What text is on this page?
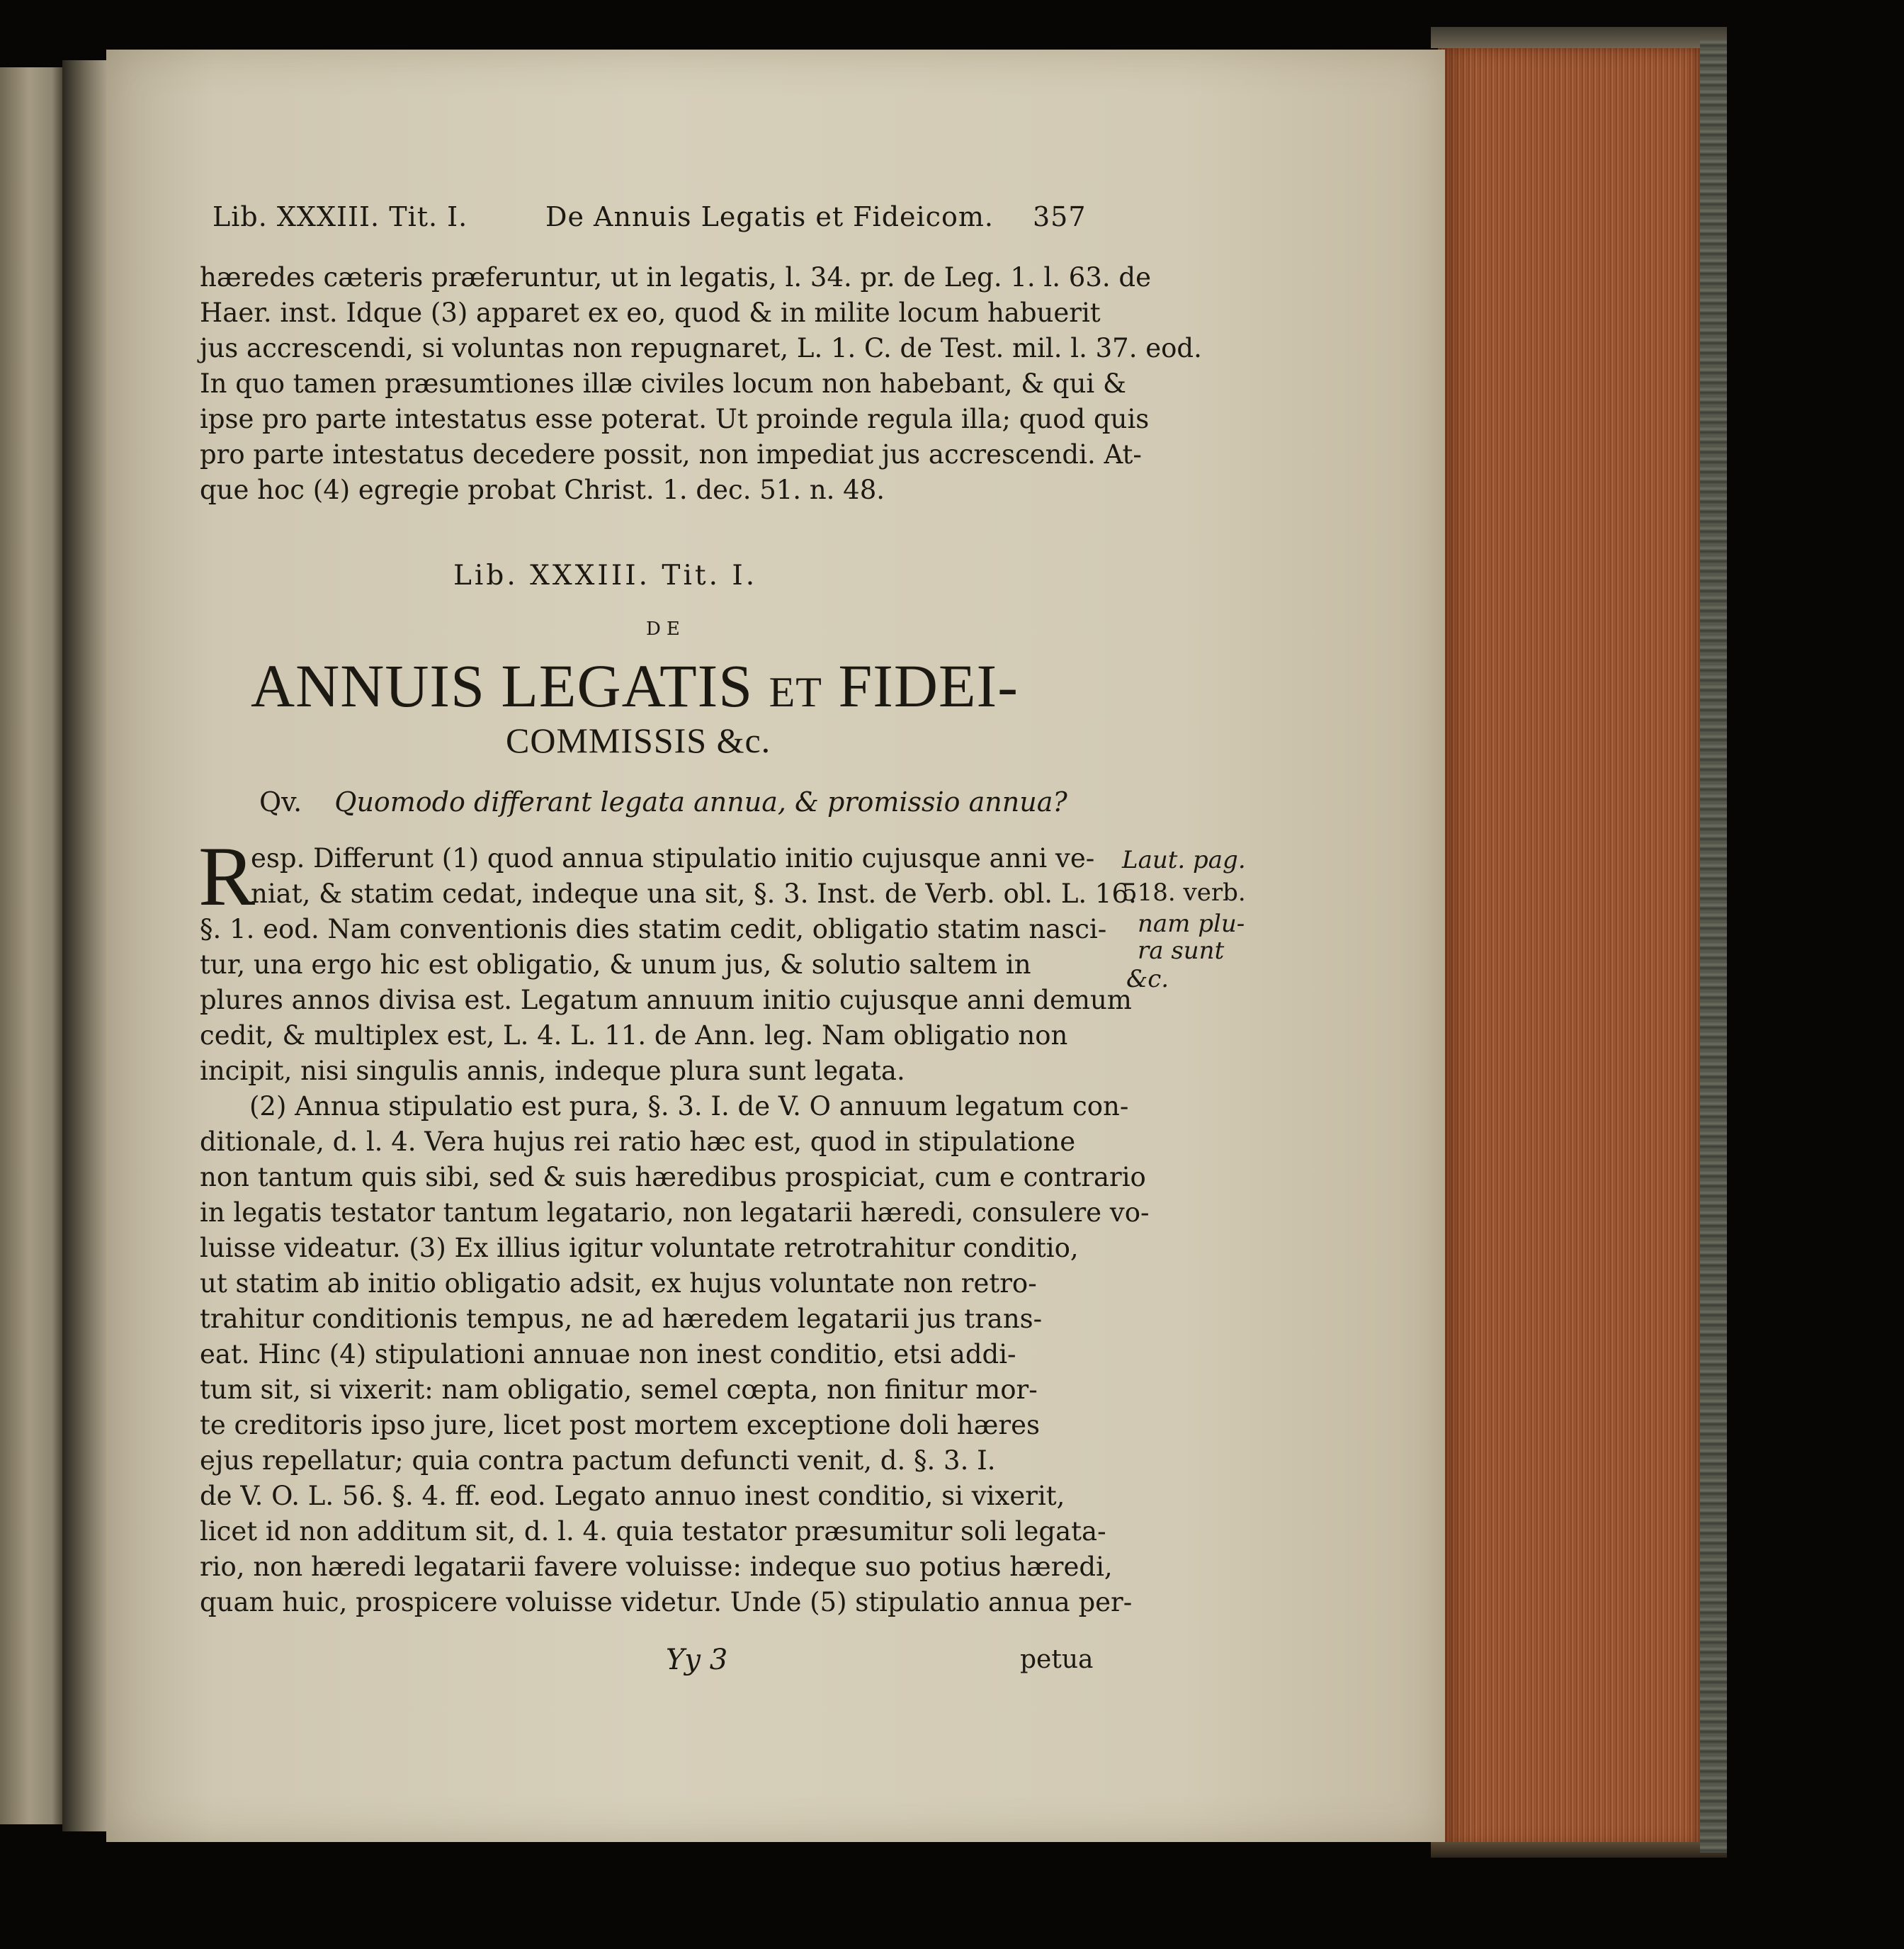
Lib. XXXIII. Tit. I.	De Annuis Legatis et Fideicom. 357
hæredes cæteris præferuntur, ut in legatis, l. 34. pr. de Leg. 1. l. 63. de
Haer. inst. Idque (3) apparet ex eo, quod & in milite locum habuerit
jus accrescendi, si voluntas non repugnaret, L. 1. C. de Test. mil. l. 37. eod.
In quo tamen præsumtiones illæ civiles locum non habebant, & qui &
ipse pro parte intestatus esse poterat. Ut proinde regula illa; quod quis
pro parte intestatus decedere possit, non impediat jus accrescendi. At-
que hoc (4) egregie probat Christ. 1. dec. 51. n. 48.
Lib. XXXIII. Tit. I.
DE
ANNUIS LEGATIS ET FIDEI-
COMMISSIS &c.
Qv. Quomodo differant legata annua, & promissio annua?
R
esp. Differunt (1) quod annua stipulatio initio cujusque anni ve-
niat, & statim cedat, indeque una sit, §. 3. Inst. de Verb. obl. L. 16.
§. 1. eod. Nam conventionis dies statim cedit, obligatio statim nasci-
tur, una ergo hic est obligatio, & unum jus, & solutio saltem in
plures annos divisa est. Legatum annuum initio cujusque anni demum
cedit, & multiplex est, L. 4. L. 11. de Ann. leg. Nam obligatio non
incipit, nisi singulis annis, indeque plura sunt legata.
(2) Annua stipulatio est pura, §. 3. I. de V. O annuum legatum con-
ditionale, d. l. 4. Vera hujus rei ratio hæc est, quod in stipulatione
non tantum quis sibi, sed & suis hæredibus prospiciat, cum e contrario
in legatis testator tantum legatario, non legatarii hæredi, consulere vo-
luisse videatur. (3) Ex illius igitur voluntate retrotrahitur conditio,
ut statim ab initio obligatio adsit, ex hujus voluntate non retro-
trahitur conditionis tempus, ne ad hæredem legatarii jus trans-
eat. Hinc (4) stipulationi annuae non inest conditio, etsi addi-
tum sit, si vixerit: nam obligatio, semel cœpta, non finitur mor-
te creditoris ipso jure, licet post mortem exceptione doli hæres
ejus repellatur; quia contra pactum defuncti venit, d. §. 3. I.
de V. O. L. 56. §. 4. ff. eod. Legato annuo inest conditio, si vixerit,
licet id non additum sit, d. l. 4. quia testator præsumitur soli legata-
rio, non hæredi legatarii favere voluisse: indeque suo potius hæredi,
quam huic, prospicere voluisse videtur. Unde (5) stipulatio annua per-
Laut. pag.
518. verb.
nam plu-
ra sunt
&c.
Yy 3	petua
